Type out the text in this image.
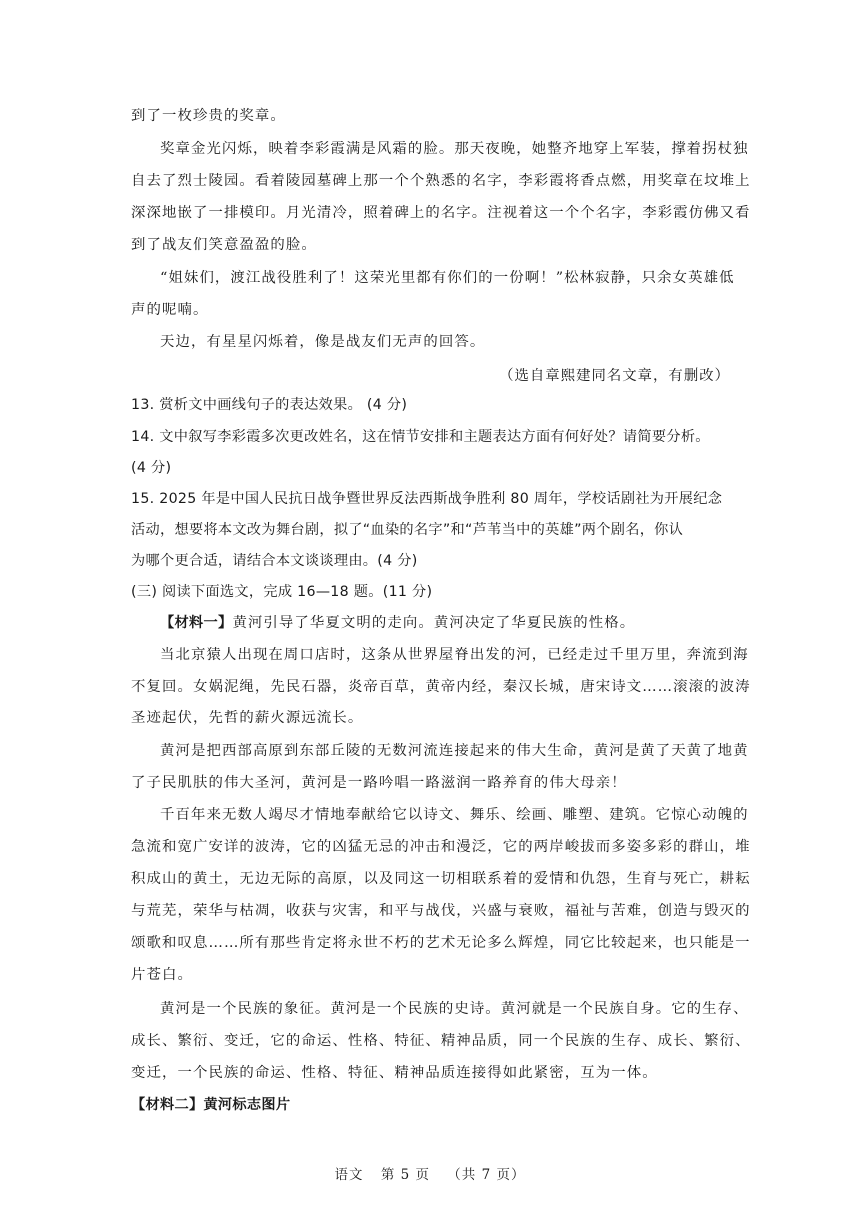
到了一枚珍贵的奖章。
奖章金光闪烁，映着李彩霞满是风霜的脸。那天夜晚，她整齐地穿上军装，撑着拐杖独
自去了烈士陵园。看着陵园墓碑上那一个个熟悉的名字，李彩霞将香点燃，用奖章在坟堆上
深深地嵌了一排模印。月光清冷，照着碑上的名字。注视着这一个个名字，李彩霞仿佛又看
到了战友们笑意盈盈的脸。
“姐妹们，渡江战役胜利了！这荣光里都有你们的一份啊！”松林寂静，只余女英雄低
声的呢喃。
天边，有星星闪烁着，像是战友们无声的回答。
（选自章熙建同名文章，有删改）
13. 赏析文中画线句子的表达效果。 (4 分)
14. 文中叙写李彩霞多次更改姓名，这在情节安排和主题表达方面有何好处？请简要分析。
(4 分)
15. 2025 年是中国人民抗日战争暨世界反法西斯战争胜利 80 周年，学校话剧社为开展纪念
活动，想要将本文改为舞台剧，拟了“血染的名字”和“芦苇当中的英雄”两个剧名，你认
为哪个更合适，请结合本文谈谈理由。(4 分)
(三) 阅读下面选文，完成 16—18 题。(11 分)
【材料一】黄河引导了华夏文明的走向。黄河决定了华夏民族的性格。
当北京猿人出现在周口店时，这条从世界屋脊出发的河，已经走过千里万里，奔流到海
不复回。女娲泥绳，先民石器，炎帝百草，黄帝内经，秦汉长城，唐宋诗文……滚滚的波涛
圣迹起伏，先哲的薪火源远流长。
黄河是把西部高原到东部丘陵的无数河流连接起来的伟大生命，黄河是黄了天黄了地黄
了子民肌肤的伟大圣河，黄河是一路吟唱一路滋润一路养育的伟大母亲！
千百年来无数人竭尽才情地奉献给它以诗文、舞乐、绘画、雕塑、建筑。它惊心动魄的
急流和宽广安详的波涛，它的凶猛无忌的冲击和漫泛，它的两岸峻拔而多姿多彩的群山，堆
积成山的黄土，无边无际的高原，以及同这一切相联系着的爱情和仇怨，生育与死亡，耕耘
与荒芜，荣华与枯凋，收获与灾害，和平与战伐，兴盛与衰败，福祉与苦难，创造与毁灭的
颂歌和叹息……所有那些肯定将永世不朽的艺术无论多么辉煌，同它比较起来，也只能是一
片苍白。
黄河是一个民族的象征。黄河是一个民族的史诗。黄河就是一个民族自身。它的生存、
成长、繁衍、变迁，它的命运、性格、特征、精神品质，同一个民族的生存、成长、繁衍、
变迁，一个民族的命运、性格、特征、精神品质连接得如此紧密，互为一体。
【材料二】黄河标志图片
语文 第 5 页 （共 7 页）
